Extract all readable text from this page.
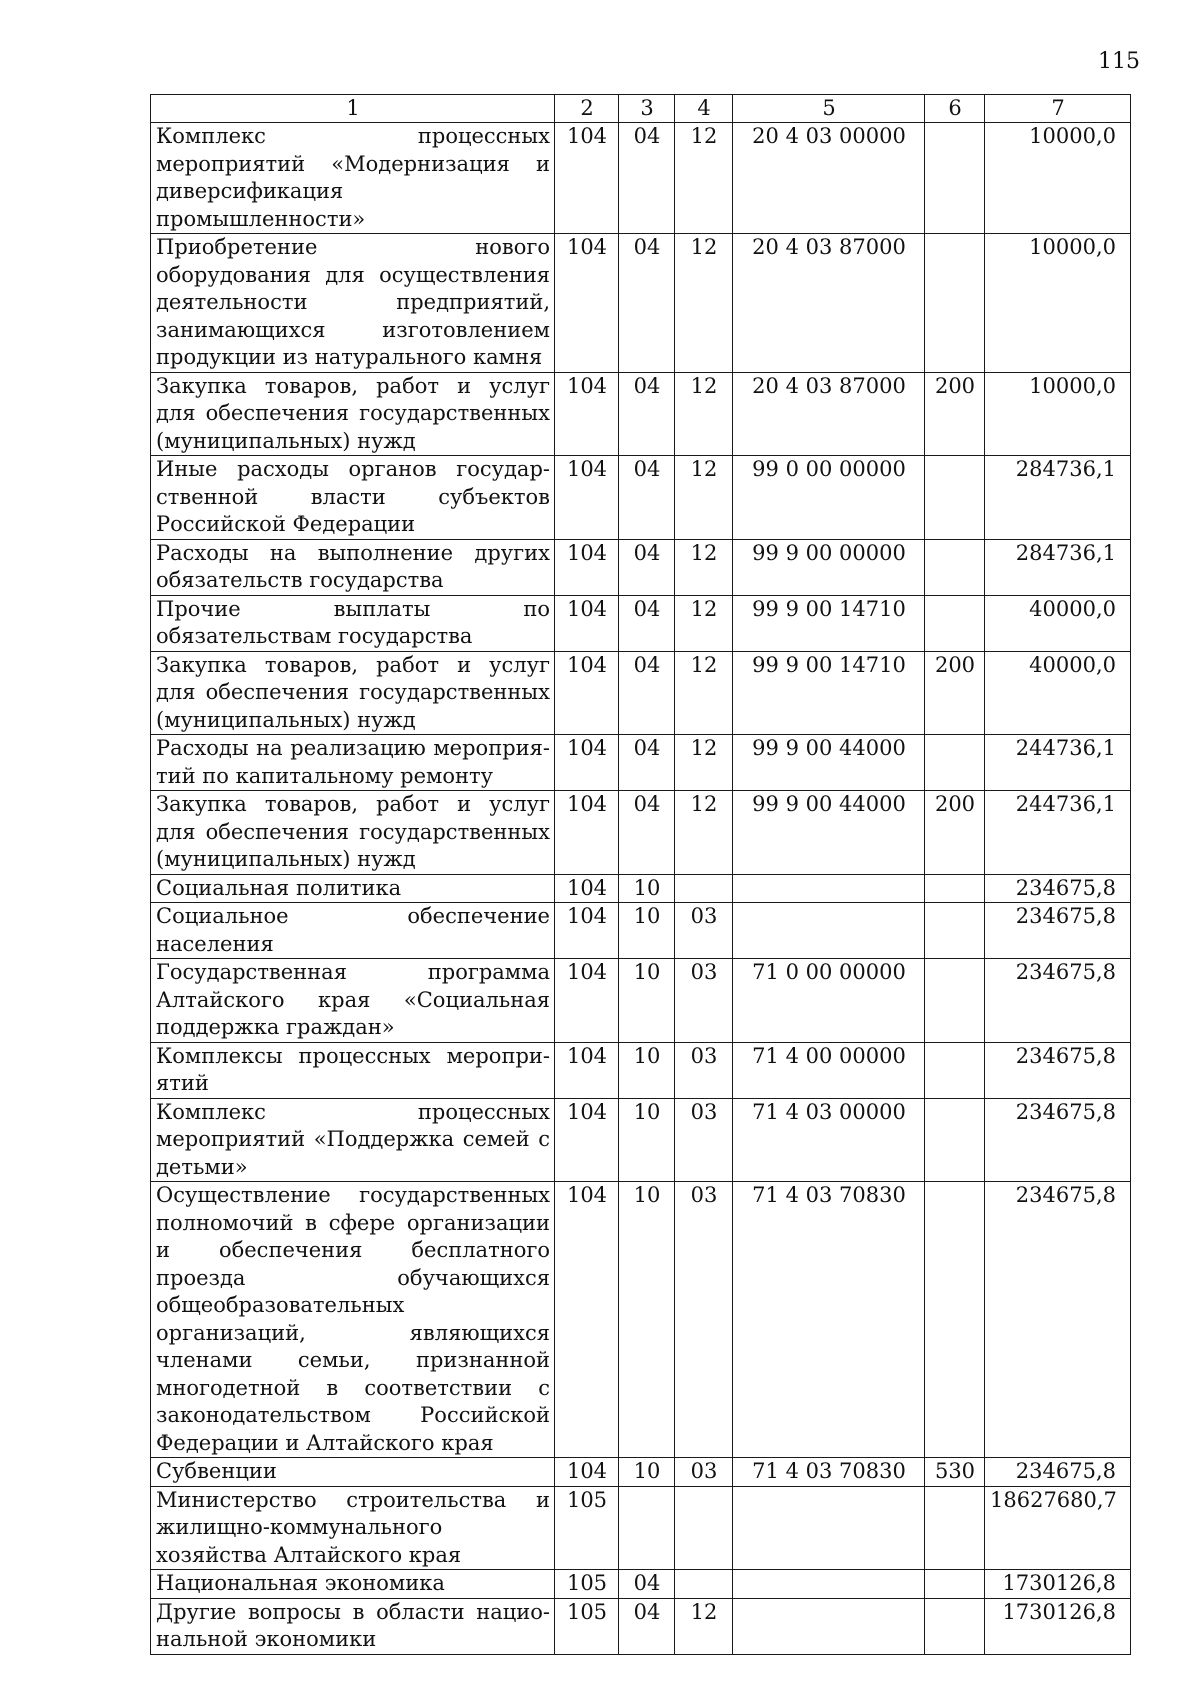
115
1	2	3	4	5	6	7
Комплекс процессных мероприятий «Модернизация и диверсификация промышленности»	104	04	12	20 4 03 00000		10000,0
Приобретение нового оборудования для осуществления деятельности предприятий, занимающихся изготовлением продукции из натурального камня	104	04	12	20 4 03 87000		10000,0
Закупка товаров, работ и услуг для обеспечения государственных (муниципальных) нужд	104	04	12	20 4 03 87000	200	10000,0
Иные расходы органов государственной власти субъектов Российской Федерации	104	04	12	99 0 00 00000		284736,1
Расходы на выполнение других обязательств государства	104	04	12	99 9 00 00000		284736,1
Прочие выплаты по обязательствам государства	104	04	12	99 9 00 14710		40000,0
Закупка товаров, работ и услуг для обеспечения государственных (муниципальных) нужд	104	04	12	99 9 00 14710	200	40000,0
Расходы на реализацию мероприятий по капитальному ремонту	104	04	12	99 9 00 44000		244736,1
Закупка товаров, работ и услуг для обеспечения государственных (муниципальных) нужд	104	04	12	99 9 00 44000	200	244736,1
Социальная политика	104	10				234675,8
Социальное обеспечение населения	104	10	03			234675,8
Государственная программа Алтайского края «Социальная поддержка граждан»	104	10	03	71 0 00 00000		234675,8
Комплексы процессных мероприятий	104	10	03	71 4 00 00000		234675,8
Комплекс процессных мероприятий «Поддержка семей с детьми»	104	10	03	71 4 03 00000		234675,8
Осуществление государственных полномочий в сфере организации и обеспечения бесплатного проезда обучающихся общеобразовательных организаций, являющихся членами семьи, признанной многодетной в соответствии с законодательством Российской Федерации и Алтайского края	104	10	03	71 4 03 70830		234675,8
Субвенции	104	10	03	71 4 03 70830	530	234675,8
Министерство строительства и жилищно-коммунального хозяйства Алтайского края	105					18627680,7
Национальная экономика	105	04				1730126,8
Другие вопросы в области национальной экономики	105	04	12			1730126,8
